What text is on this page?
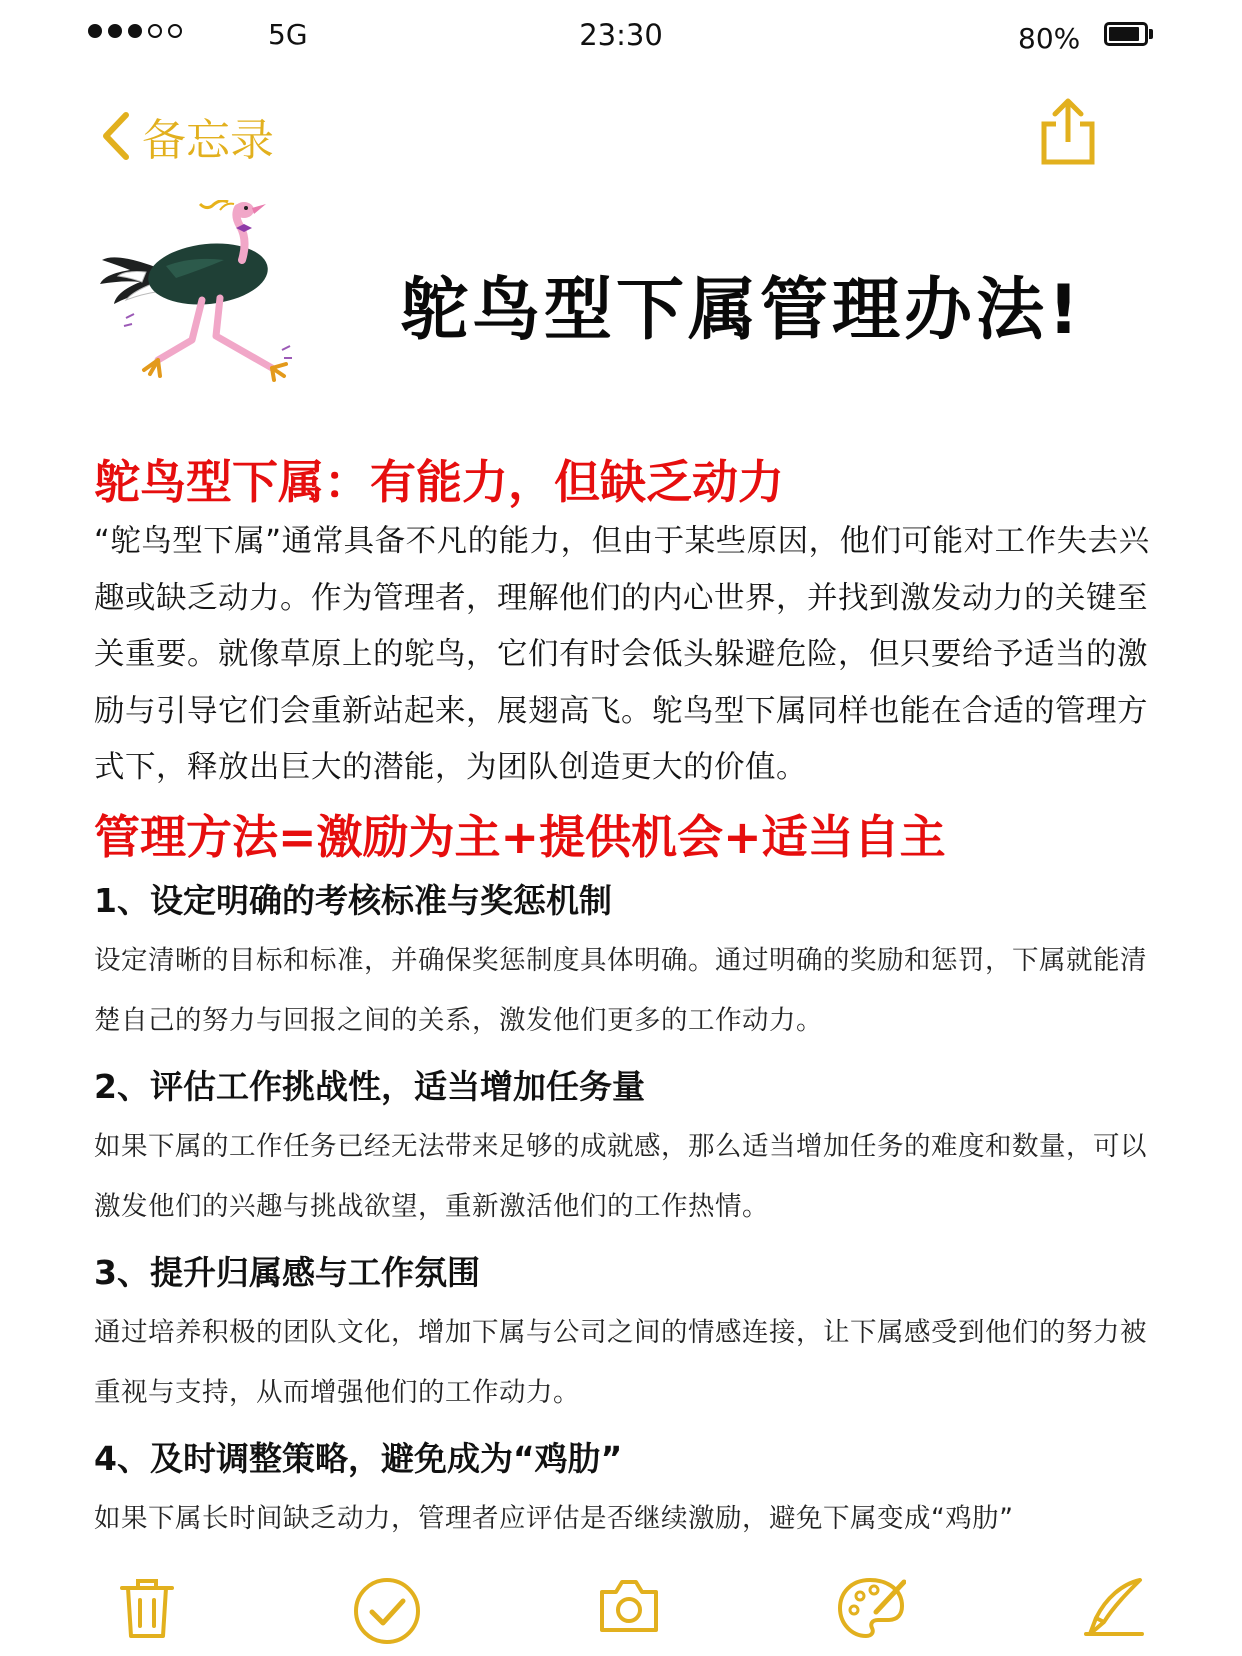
5G	23:30	80%
备忘录
鸵鸟型下属管理办法!
鸵鸟型下属：有能力，但缺乏动力

“鸵鸟型下属”通常具备不凡的能力，但由于某些原因，他们可能对工作失去兴趣或缺乏动力。作为管理者，理解他们的内心世界，并找到激发动力的关键至关重要。就像草原上的鸵鸟，它们有时会低头躲避危险，但只要给予适当的激励与引导它们会重新站起来，展翅高飞。鸵鸟型下属同样也能在合适的管理方式下，释放出巨大的潜能，为团队创造更大的价值。

管理方法=激励为主+提供机会+适当自主
1、设定明确的考核标准与奖惩机制

设定清晰的目标和标准，并确保奖惩制度具体明确。通过明确的奖励和惩罚，下属就能清楚自己的努力与回报之间的关系，激发他们更多的工作动力。

2、评估工作挑战性，适当增加任务量

如果下属的工作任务已经无法带来足够的成就感，那么适当增加任务的难度和数量，可以激发他们的兴趣与挑战欲望，重新激活他们的工作热情。

3、提升归属感与工作氛围

通过培养积极的团队文化，增加下属与公司之间的情感连接，让下属感受到他们的努力被重视与支持，从而增强他们的工作动力。

4、及时调整策略，避免成为“鸡肋”

如果下属长时间缺乏动力，管理者应评估是否继续激励，避免下属变成“鸡肋”
